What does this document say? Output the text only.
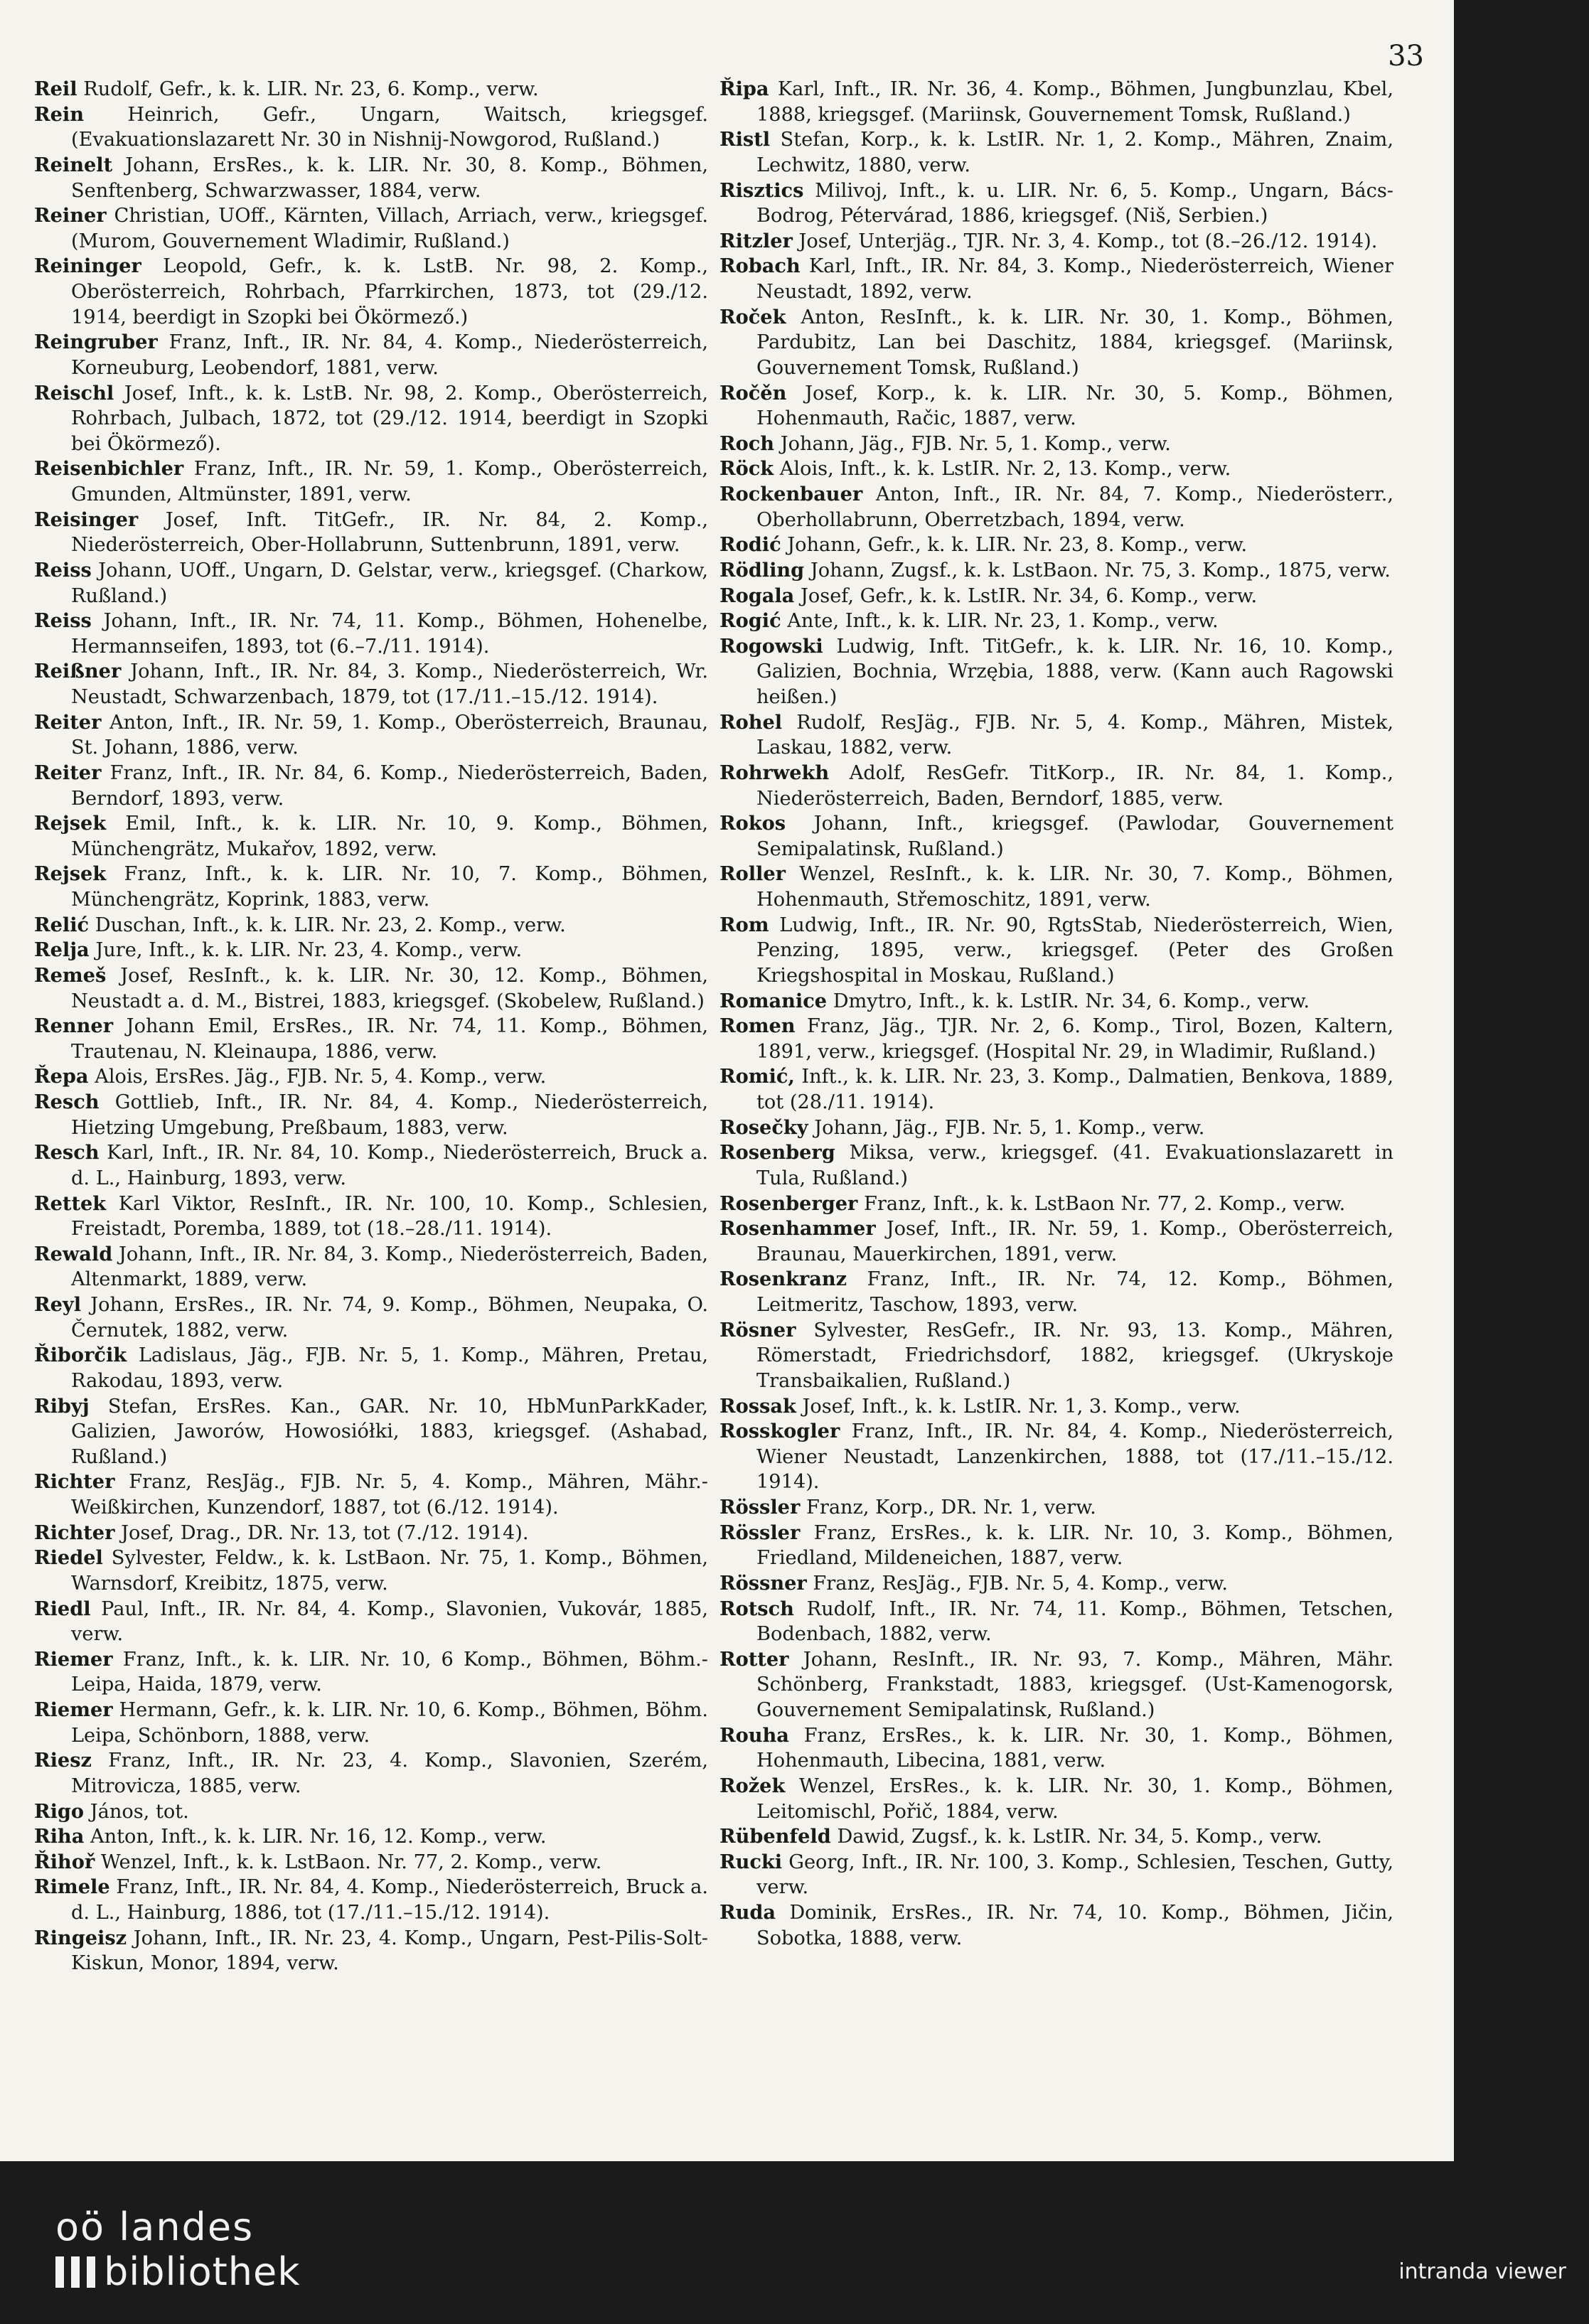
33

Reil Rudolf, Gefr., k. k. LIR. Nr. 23, 6. Komp., verw.

Rein Heinrich, Gefr., Ungarn, Waitsch, kriegsgef. (Evakuationslazarett Nr. 30 in Nishnij-Nowgorod, Rußland.)

Reinelt Johann, ErsRes., k. k. LIR. Nr. 30, 8. Komp., Böhmen, Senftenberg, Schwarzwasser, 1884, verw.

Reiner Christian, UOff., Kärnten, Villach, Arriach, verw., kriegsgef. (Murom, Gouvernement Wladimir, Rußland.)

Reininger Leopold, Gefr., k. k. LstB. Nr. 98, 2. Komp., Oberösterreich, Rohrbach, Pfarrkirchen, 1873, tot (29./12. 1914, beerdigt in Szopki bei Ökörmező.)

Reingruber Franz, Inft., IR. Nr. 84, 4. Komp., Niederösterreich, Korneuburg, Leobendorf, 1881, verw.

Reischl Josef, Inft., k. k. LstB. Nr. 98, 2. Komp., Oberösterreich, Rohrbach, Julbach, 1872, tot (29./12. 1914, beerdigt in Szopki bei Ökörmező).

Reisenbichler Franz, Inft., IR. Nr. 59, 1. Komp., Oberösterreich, Gmunden, Altmünster, 1891, verw.

Reisinger Josef, Inft. TitGefr., IR. Nr. 84, 2. Komp., Niederösterreich, Ober-Hollabrunn, Suttenbrunn, 1891, verw.

Reiss Johann, UOff., Ungarn, D. Gelstar, verw., kriegsgef. (Charkow, Rußland.)

Reiss Johann, Inft., IR. Nr. 74, 11. Komp., Böhmen, Hohenelbe, Hermannseifen, 1893, tot (6.–7./11. 1914).

Reißner Johann, Inft., IR. Nr. 84, 3. Komp., Niederösterreich, Wr. Neustadt, Schwarzenbach, 1879, tot (17./11.–15./12. 1914).

Reiter Anton, Inft., IR. Nr. 59, 1. Komp., Oberösterreich, Braunau, St. Johann, 1886, verw.

Reiter Franz, Inft., IR. Nr. 84, 6. Komp., Niederösterreich, Baden, Berndorf, 1893, verw.

Rejsek Emil, Inft., k. k. LIR. Nr. 10, 9. Komp., Böhmen, Münchengrätz, Mukařov, 1892, verw.

Rejsek Franz, Inft., k. k. LIR. Nr. 10, 7. Komp., Böhmen, Münchengrätz, Koprink, 1883, verw.

Relić Duschan, Inft., k. k. LIR. Nr. 23, 2. Komp., verw.

Relja Jure, Inft., k. k. LIR. Nr. 23, 4. Komp., verw.

Remeš Josef, ResInft., k. k. LIR. Nr. 30, 12. Komp., Böhmen, Neustadt a. d. M., Bistrei, 1883, kriegsgef. (Skobelew, Rußland.)

Renner Johann Emil, ErsRes., IR. Nr. 74, 11. Komp., Böhmen, Trautenau, N. Kleinaupa, 1886, verw.

Řepa Alois, ErsRes. Jäg., FJB. Nr. 5, 4. Komp., verw.

Resch Gottlieb, Inft., IR. Nr. 84, 4. Komp., Niederösterreich, Hietzing Umgebung, Preßbaum, 1883, verw.

Resch Karl, Inft., IR. Nr. 84, 10. Komp., Niederösterreich, Bruck a. d. L., Hainburg, 1893, verw.

Rettek Karl Viktor, ResInft., IR. Nr. 100, 10. Komp., Schlesien, Freistadt, Poremba, 1889, tot (18.–28./11. 1914).

Rewald Johann, Inft., IR. Nr. 84, 3. Komp., Niederösterreich, Baden, Altenmarkt, 1889, verw.

Reyl Johann, ErsRes., IR. Nr. 74, 9. Komp., Böhmen, Neupaka, O. Černutek, 1882, verw.

Řiborčik Ladislaus, Jäg., FJB. Nr. 5, 1. Komp., Mähren, Pretau, Rakodau, 1893, verw.

Ribyj Stefan, ErsRes. Kan., GAR. Nr. 10, HbMunParkKader, Galizien, Jaworów, Howosiółki, 1883, kriegsgef. (Ashabad, Rußland.)

Richter Franz, ResJäg., FJB. Nr. 5, 4. Komp., Mähren, Mähr.-Weißkirchen, Kunzendorf, 1887, tot (6./12. 1914).

Richter Josef, Drag., DR. Nr. 13, tot (7./12. 1914).

Riedel Sylvester, Feldw., k. k. LstBaon. Nr. 75, 1. Komp., Böhmen, Warnsdorf, Kreibitz, 1875, verw.

Riedl Paul, Inft., IR. Nr. 84, 4. Komp., Slavonien, Vukovár, 1885, verw.

Riemer Franz, Inft., k. k. LIR. Nr. 10, 6 Komp., Böhmen, Böhm.-Leipa, Haida, 1879, verw.

Riemer Hermann, Gefr., k. k. LIR. Nr. 10, 6. Komp., Böhmen, Böhm. Leipa, Schönborn, 1888, verw.

Riesz Franz, Inft., IR. Nr. 23, 4. Komp., Slavonien, Szerém, Mitrovicza, 1885, verw.

Rigo János, tot.

Riha Anton, Inft., k. k. LIR. Nr. 16, 12. Komp., verw.

Řihoř Wenzel, Inft., k. k. LstBaon. Nr. 77, 2. Komp., verw.

Rimele Franz, Inft., IR. Nr. 84, 4. Komp., Niederösterreich, Bruck a. d. L., Hainburg, 1886, tot (17./11.–15./12. 1914).

Ringeisz Johann, Inft., IR. Nr. 23, 4. Komp., Ungarn, Pest-Pilis-Solt-Kiskun, Monor, 1894, verw.

Řipa Karl, Inft., IR. Nr. 36, 4. Komp., Böhmen, Jungbunzlau, Kbel, 1888, kriegsgef. (Mariinsk, Gouvernement Tomsk, Rußland.)

Ristl Stefan, Korp., k. k. LstIR. Nr. 1, 2. Komp., Mähren, Znaim, Lechwitz, 1880, verw.

Risztics Milivoj, Inft., k. u. LIR. Nr. 6, 5. Komp., Ungarn, Bács-Bodrog, Pétervárad, 1886, kriegsgef. (Niš, Serbien.)

Ritzler Josef, Unterjäg., TJR. Nr. 3, 4. Komp., tot (8.–26./12. 1914).

Robach Karl, Inft., IR. Nr. 84, 3. Komp., Niederösterreich, Wiener Neustadt, 1892, verw.

Roček Anton, ResInft., k. k. LIR. Nr. 30, 1. Komp., Böhmen, Pardubitz, Lan bei Daschitz, 1884, kriegsgef. (Mariinsk, Gouvernement Tomsk, Rußland.)

Ročěn Josef, Korp., k. k. LIR. Nr. 30, 5. Komp., Böhmen, Hohenmauth, Račic, 1887, verw.

Roch Johann, Jäg., FJB. Nr. 5, 1. Komp., verw.

Röck Alois, Inft., k. k. LstIR. Nr. 2, 13. Komp., verw.

Rockenbauer Anton, Inft., IR. Nr. 84, 7. Komp., Niederösterr., Oberhollabrunn, Oberretzbach, 1894, verw.

Rodić Johann, Gefr., k. k. LIR. Nr. 23, 8. Komp., verw.

Rödling Johann, Zugsf., k. k. LstBaon. Nr. 75, 3. Komp., 1875, verw.

Rogala Josef, Gefr., k. k. LstIR. Nr. 34, 6. Komp., verw.

Rogić Ante, Inft., k. k. LIR. Nr. 23, 1. Komp., verw.

Rogowski Ludwig, Inft. TitGefr., k. k. LIR. Nr. 16, 10. Komp., Galizien, Bochnia, Wrzębia, 1888, verw. (Kann auch Ragowski heißen.)

Rohel Rudolf, ResJäg., FJB. Nr. 5, 4. Komp., Mähren, Mistek, Laskau, 1882, verw.

Rohrwekh Adolf, ResGefr. TitKorp., IR. Nr. 84, 1. Komp., Niederösterreich, Baden, Berndorf, 1885, verw.

Rokos Johann, Inft., kriegsgef. (Pawlodar, Gouvernement Semipalatinsk, Rußland.)

Roller Wenzel, ResInft., k. k. LIR. Nr. 30, 7. Komp., Böhmen, Hohenmauth, Střemoschitz, 1891, verw.

Rom Ludwig, Inft., IR. Nr. 90, RgtsStab, Niederösterreich, Wien, Penzing, 1895, verw., kriegsgef. (Peter des Großen Kriegshospital in Moskau, Rußland.)

Romanice Dmytro, Inft., k. k. LstIR. Nr. 34, 6. Komp., verw.

Romen Franz, Jäg., TJR. Nr. 2, 6. Komp., Tirol, Bozen, Kaltern, 1891, verw., kriegsgef. (Hospital Nr. 29, in Wladimir, Rußland.)

Romić, Inft., k. k. LIR. Nr. 23, 3. Komp., Dalmatien, Benkova, 1889, tot (28./11. 1914).

Rosečky Johann, Jäg., FJB. Nr. 5, 1. Komp., verw.

Rosenberg Miksa, verw., kriegsgef. (41. Evakuationslazarett in Tula, Rußland.)

Rosenberger Franz, Inft., k. k. LstBaon Nr. 77, 2. Komp., verw.

Rosenhammer Josef, Inft., IR. Nr. 59, 1. Komp., Oberösterreich, Braunau, Mauerkirchen, 1891, verw.

Rosenkranz Franz, Inft., IR. Nr. 74, 12. Komp., Böhmen, Leitmeritz, Taschow, 1893, verw.

Rösner Sylvester, ResGefr., IR. Nr. 93, 13. Komp., Mähren, Römerstadt, Friedrichsdorf, 1882, kriegsgef. (Ukryskoje Transbaikalien, Rußland.)

Rossak Josef, Inft., k. k. LstIR. Nr. 1, 3. Komp., verw.

Rosskogler Franz, Inft., IR. Nr. 84, 4. Komp., Niederösterreich, Wiener Neustadt, Lanzenkirchen, 1888, tot (17./11.–15./12. 1914).

Rössler Franz, Korp., DR. Nr. 1, verw.

Rössler Franz, ErsRes., k. k. LIR. Nr. 10, 3. Komp., Böhmen, Friedland, Mildeneichen, 1887, verw.

Rössner Franz, ResJäg., FJB. Nr. 5, 4. Komp., verw.

Rotsch Rudolf, Inft., IR. Nr. 74, 11. Komp., Böhmen, Tetschen, Bodenbach, 1882, verw.

Rotter Johann, ResInft., IR. Nr. 93, 7. Komp., Mähren, Mähr. Schönberg, Frankstadt, 1883, kriegsgef. (Ust-Kamenogorsk, Gouvernement Semipalatinsk, Rußland.)

Rouha Franz, ErsRes., k. k. LIR. Nr. 30, 1. Komp., Böhmen, Hohenmauth, Libecina, 1881, verw.

Rožek Wenzel, ErsRes., k. k. LIR. Nr. 30, 1. Komp., Böhmen, Leitomischl, Pořič, 1884, verw.

Rübenfeld Dawid, Zugsf., k. k. LstIR. Nr. 34, 5. Komp., verw.

Rucki Georg, Inft., IR. Nr. 100, 3. Komp., Schlesien, Teschen, Gutty, verw.

Ruda Dominik, ErsRes., IR. Nr. 74, 10. Komp., Böhmen, Jičin, Sobotka, 1888, verw.

oö landes
bibliothek	intranda viewer
